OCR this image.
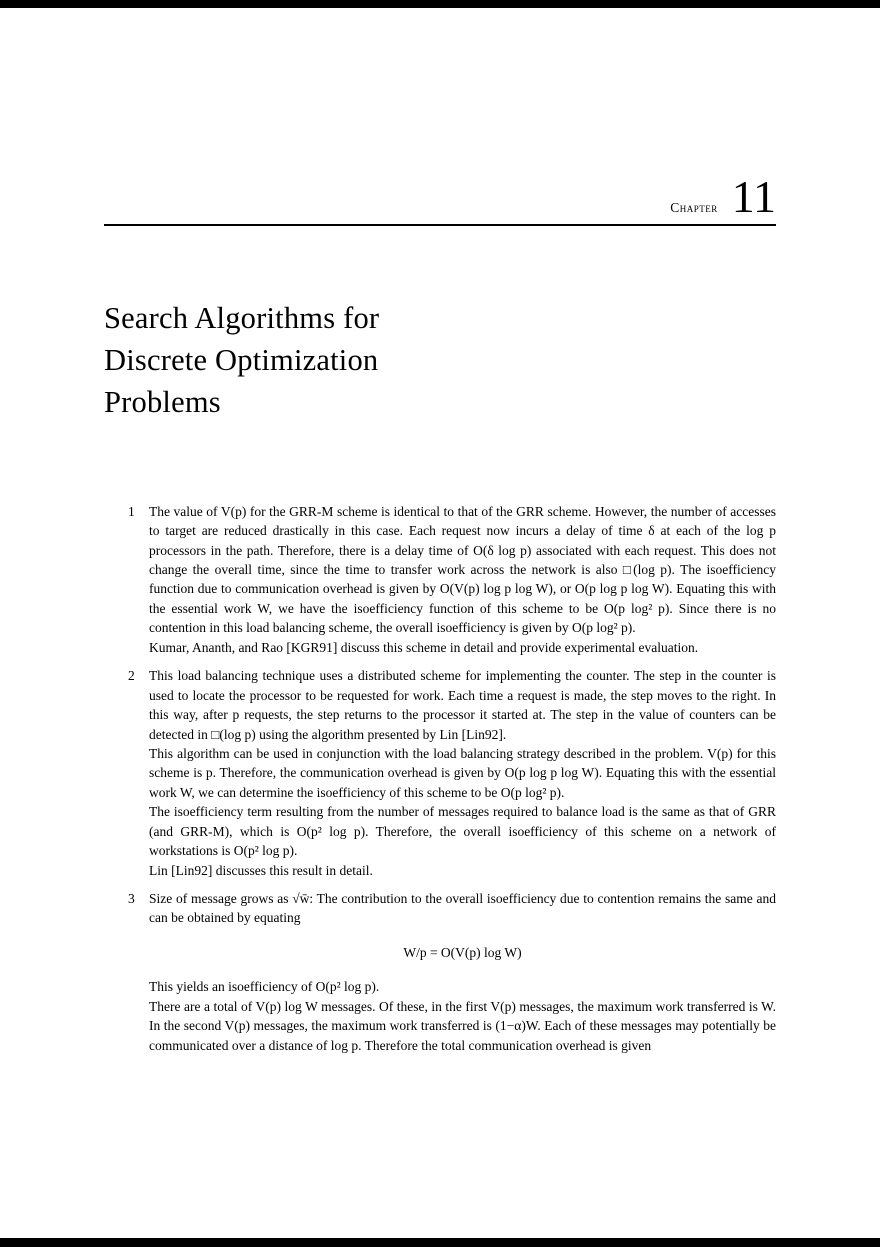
Chapter 11
Search Algorithms for
Discrete Optimization
Problems
1	The value of V(p) for the GRR-M scheme is identical to that of the GRR scheme. However, the number of accesses to target are reduced drastically in this case. Each request now incurs a delay of time δ at each of the log p processors in the path. Therefore, there is a delay time of O(δ log p) associated with each request. This does not change the overall time, since the time to transfer work across the network is also □(log p). The isoefficiency function due to communication overhead is given by O(V(p) log p log W), or O(p log p log W). Equating this with the essential work W, we have the isoefficiency function of this scheme to be O(p log² p). Since there is no contention in this load balancing scheme, the overall isoefficiency is given by O(p log² p).

Kumar, Ananth, and Rao [KGR91] discuss this scheme in detail and provide experimental evaluation.

2	This load balancing technique uses a distributed scheme for implementing the counter. The step in the counter is used to locate the processor to be requested for work. Each time a request is made, the step moves to the right. In this way, after p requests, the step returns to the processor it started at. The step in the value of counters can be detected in □(log p) using the algorithm presented by Lin [Lin92].

This algorithm can be used in conjunction with the load balancing strategy described in the problem. V(p) for this scheme is p. Therefore, the communication overhead is given by O(p log p log W). Equating this with the essential work W, we can determine the isoefficiency of this scheme to be O(p log² p).

The isoefficiency term resulting from the number of messages required to balance load is the same as that of GRR (and GRR-M), which is O(p² log p). Therefore, the overall isoefficiency of this scheme on a network of workstations is O(p² log p).

Lin [Lin92] discusses this result in detail.

3	Size of message grows as √w̄: The contribution to the overall isoefficiency due to contention remains the same and can be obtained by equating

W/p = O(V(p) log W)

This yields an isoefficiency of O(p² log p).

There are a total of V(p) log W messages. Of these, in the first V(p) messages, the maximum work transferred is W. In the second V(p) messages, the maximum work transferred is (1−α)W. Each of these messages may potentially be communicated over a distance of log p. Therefore the total communication overhead is given
